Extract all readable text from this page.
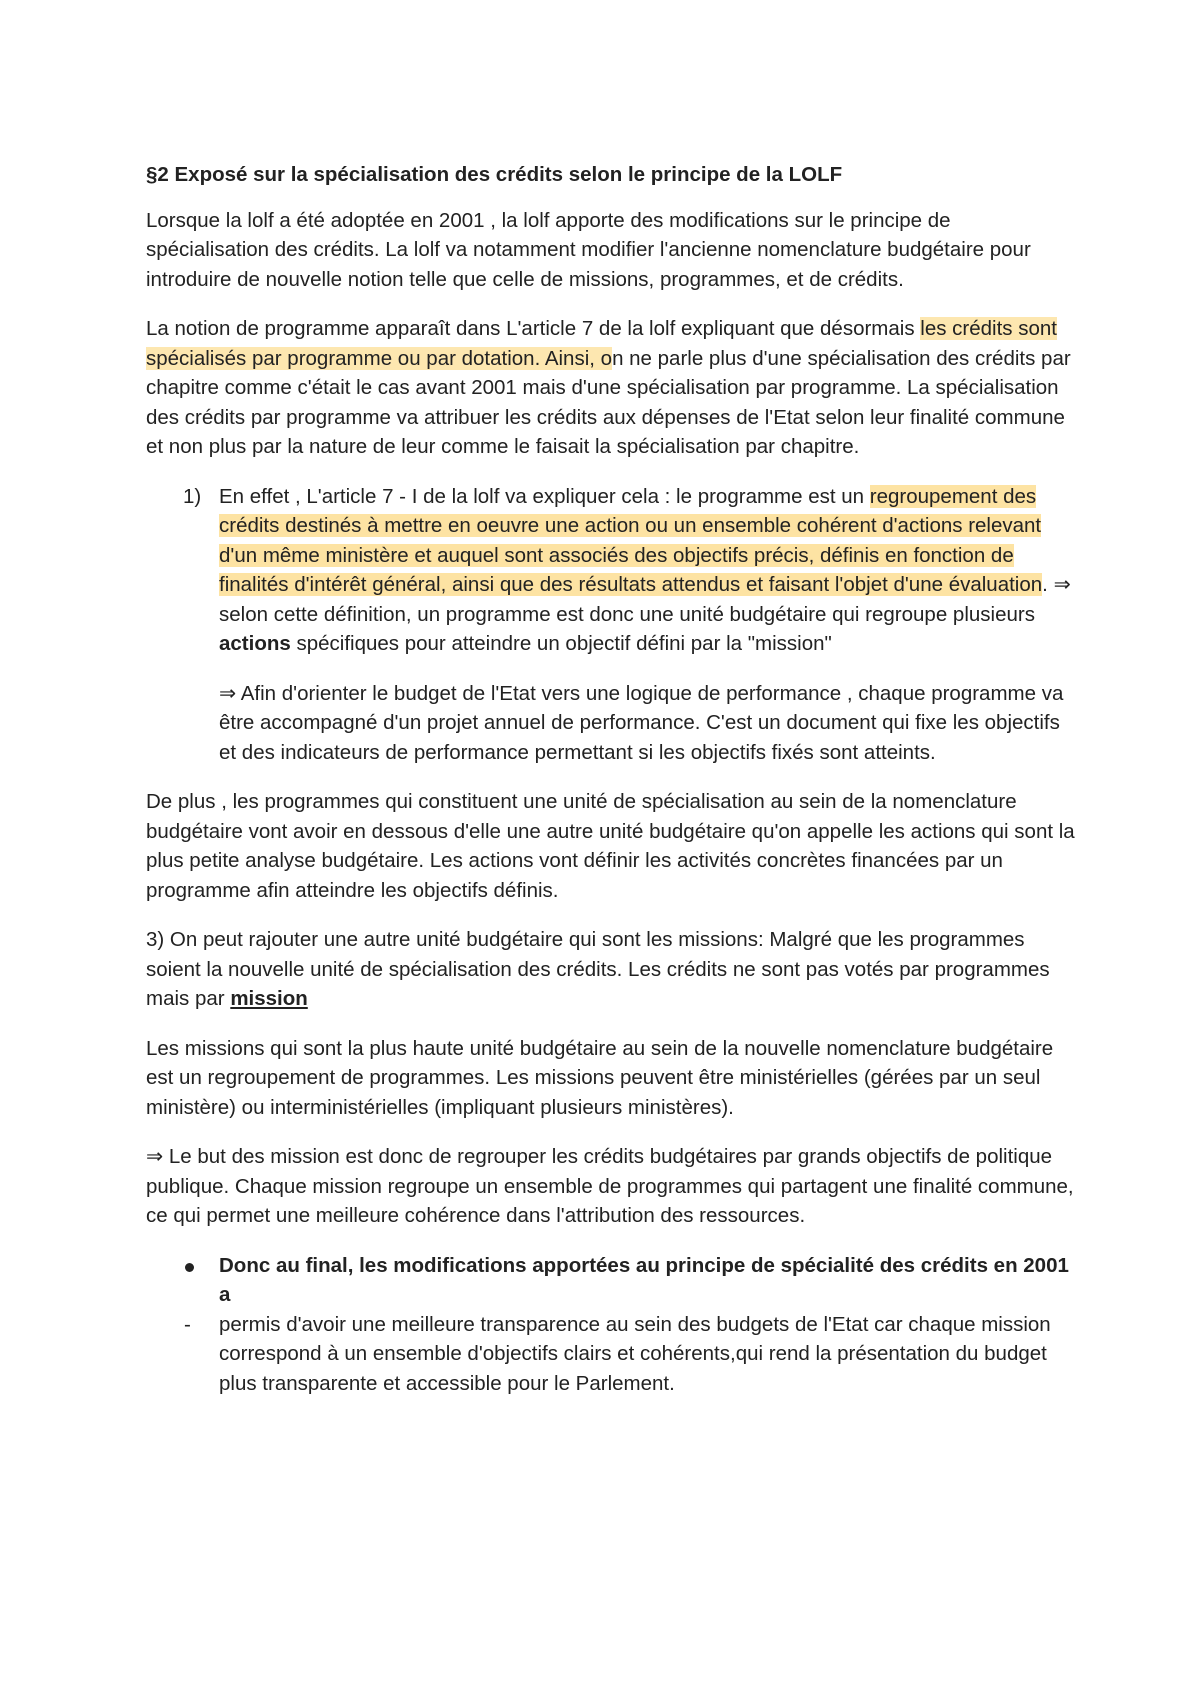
§2 Exposé sur la spécialisation des crédits selon le principe de la LOLF

Lorsque la lolf a été adoptée en 2001 , la lolf apporte des modifications sur le principe de spécialisation des crédits. La lolf va notamment modifier l'ancienne nomenclature budgétaire pour introduire de nouvelle notion telle que celle de missions, programmes, et de crédits.

La notion de programme apparaît dans L'article 7 de la lolf expliquant que désormais les crédits sont spécialisés par programme ou par dotation. Ainsi, on ne parle plus d'une spécialisation des crédits par chapitre comme c'était le cas avant 2001 mais d'une spécialisation par programme. La spécialisation des crédits par programme va attribuer les crédits aux dépenses de l'Etat selon leur finalité commune et non plus par la nature de leur comme le faisait la spécialisation par chapitre.

1) En effet , L'article 7 - I de la lolf va expliquer cela : le programme est un regroupement des crédits destinés à mettre en oeuvre une action ou un ensemble cohérent d'actions relevant d'un même ministère et auquel sont associés des objectifs précis, définis en fonction de finalités d'intérêt général, ainsi que des résultats attendus et faisant l'objet d'une évaluation. ⇒ selon cette définition, un programme est donc une unité budgétaire qui regroupe plusieurs actions spécifiques pour atteindre un objectif défini par la "mission"

⇒ Afin d'orienter le budget de l'Etat vers une logique de performance , chaque programme va être accompagné d'un projet annuel de performance. C'est un document qui fixe les objectifs et des indicateurs de performance permettant si les objectifs fixés sont atteints.

De plus , les programmes qui constituent une unité de spécialisation au sein de la nomenclature budgétaire vont avoir en dessous d'elle une autre unité budgétaire qu'on appelle les actions qui sont la plus petite analyse budgétaire. Les actions vont définir les activités concrètes financées par un programme afin atteindre les objectifs définis.

3) On peut rajouter une autre unité budgétaire qui sont les missions: Malgré que les programmes soient la nouvelle unité de spécialisation des crédits. Les crédits ne sont pas votés par programmes mais par mission

Les missions qui sont la plus haute unité budgétaire au sein de la nouvelle nomenclature budgétaire est un regroupement de programmes. Les missions peuvent être ministérielles (gérées par un seul ministère) ou interministérielles (impliquant plusieurs ministères).

⇒ Le but des mission est donc de regrouper les crédits budgétaires par grands objectifs de politique publique. Chaque mission regroupe un ensemble de programmes qui partagent une finalité commune, ce qui permet une meilleure cohérence dans l'attribution des ressources.

Donc au final, les modifications apportées au principe de spécialité des crédits en 2001 a
- permis d'avoir une meilleure transparence au sein des budgets de l'Etat car chaque mission correspond à un ensemble d'objectifs clairs et cohérents,qui rend la présentation du budget plus transparente et accessible pour le Parlement.
